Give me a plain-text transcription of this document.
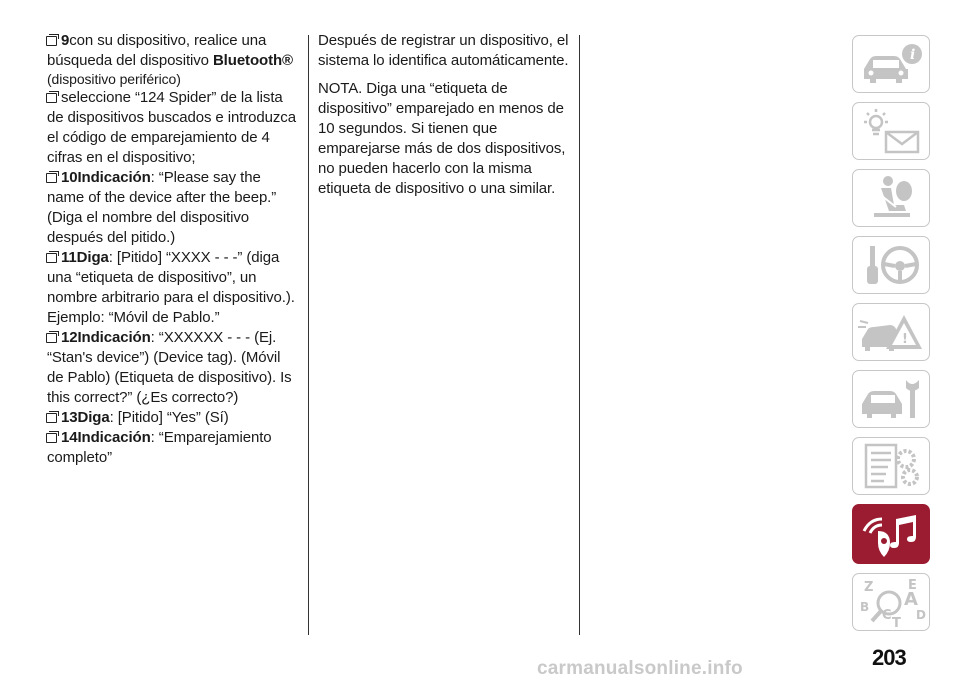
9con su dispositivo, realice una

búsqueda del dispositivo Bluetooth®

(dispositivo periférico)

seleccione “124 Spider” de la lista de dispositivos buscados e introduzca el código de emparejamiento de 4 cifras en el dispositivo;

10Indicación: “Please say the name of the device after the beep.” (Diga el nombre del dispositivo después del pitido.)

11Diga: [Pitido] “XXXX - - -” (diga una “etiqueta de dispositivo”, un nombre arbitrario para el dispositivo.). Ejemplo: “Móvil de Pablo.”

12Indicación: “XXXXXX - - - (Ej. “Stan's device”) (Device tag). (Móvil de Pablo) (Etiqueta de dispositivo). Is this correct?” (¿Es correcto?)

13Diga: [Pitido] “Yes” (Sí)

14Indicación: “Emparejamiento completo”

Después de registrar un dispositivo, el sistema lo identifica automáticamente.

NOTA. Diga una “etiqueta de dispositivo” emparejado en menos de 10 segundos. Si tienen que emparejarse más de dos dispositivos, no pueden hacerlo con la misma etiqueta de dispositivo o una similar.

i
!
Z	E
A
B
C D
T
203
carmanualsonline.info
